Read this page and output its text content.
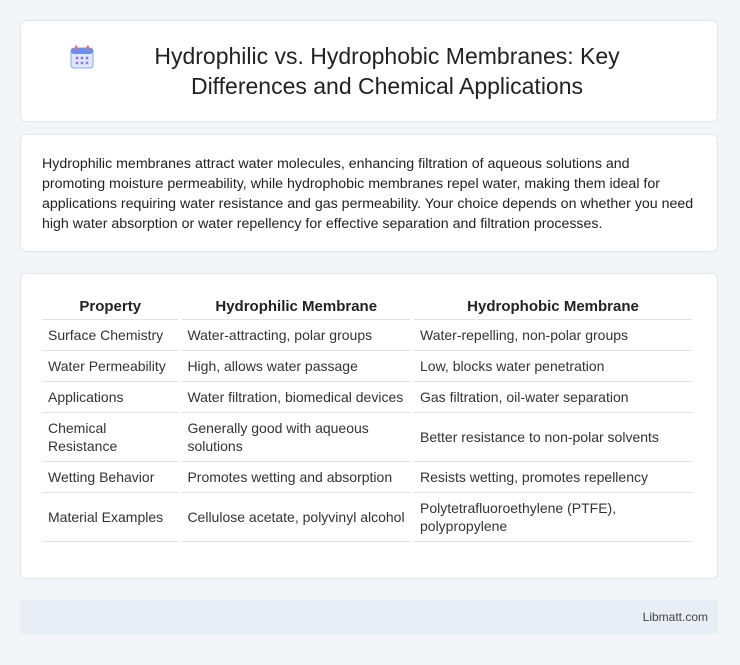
Hydrophilic vs. Hydrophobic Membranes: Key Differences and Chemical Applications

Hydrophilic membranes attract water molecules, enhancing filtration of aqueous solutions and promoting moisture permeability, while hydrophobic membranes repel water, making them ideal for applications requiring water resistance and gas permeability. Your choice depends on whether you need high water absorption or water repellency for effective separation and filtration processes.

Property	Hydrophilic Membrane	Hydrophobic Membrane
Surface Chemistry	Water-attracting, polar groups	Water-repelling, non-polar groups
Water Permeability	High, allows water passage	Low, blocks water penetration
Applications	Water filtration, biomedical devices	Gas filtration, oil-water separation
Chemical Resistance	Generally good with aqueous solutions	Better resistance to non-polar solvents
Wetting Behavior	Promotes wetting and absorption	Resists wetting, promotes repellency
Material Examples	Cellulose acetate, polyvinyl alcohol	Polytetrafluoroethylene (PTFE), polypropylene
Libmatt.com
